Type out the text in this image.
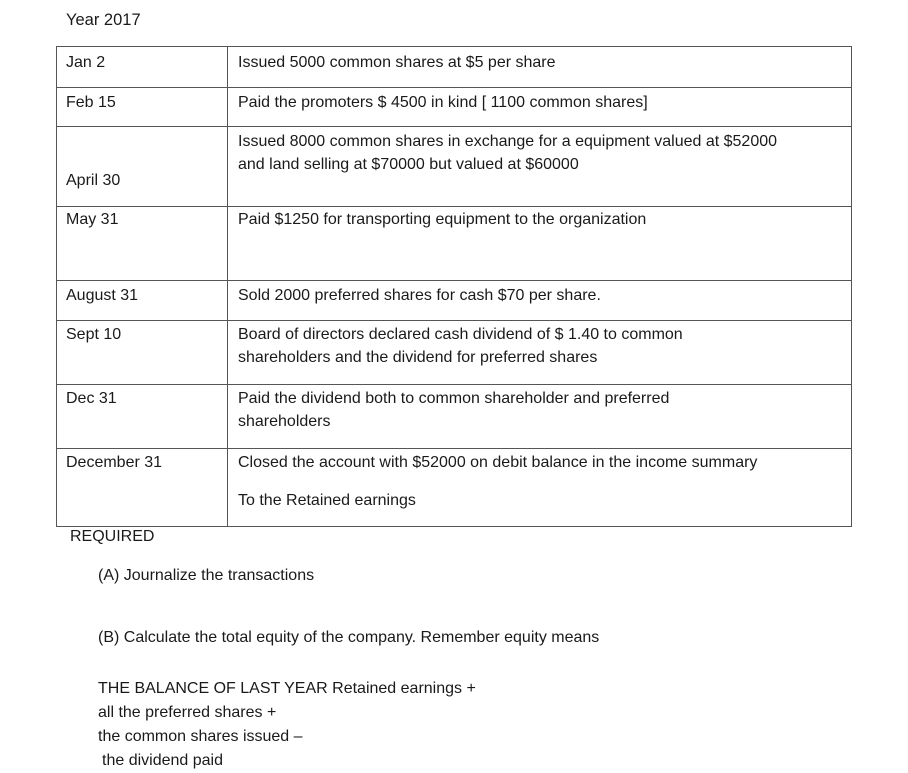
Year 2017
Jan 2	Issued 5000 common shares at $5 per share
Feb 15	Paid the promoters $ 4500 in kind [ 1100 common shares]
April 30	Issued 8000 common shares in exchange for a equipment valued at $52000 and land selling at $70000 but valued at $60000

May 31	Paid $1250 for transporting equipment to the organization
August 31	Sold 2000 preferred shares for cash $70 per share.
Sept 10	Board of directors declared cash dividend of $ 1.40 to common shareholders and the dividend for preferred shares

Dec 31	Paid the dividend both to common shareholder and preferred shareholders

December 31	Closed the account with $52000 on debit balance in the income summary
To the Retained earnings
REQUIRED
(A) Journalize the transactions
(B) Calculate the total equity of the company. Remember equity means
THE BALANCE OF LAST YEAR Retained earnings +
all the preferred shares +
the common shares issued –
the dividend paid
